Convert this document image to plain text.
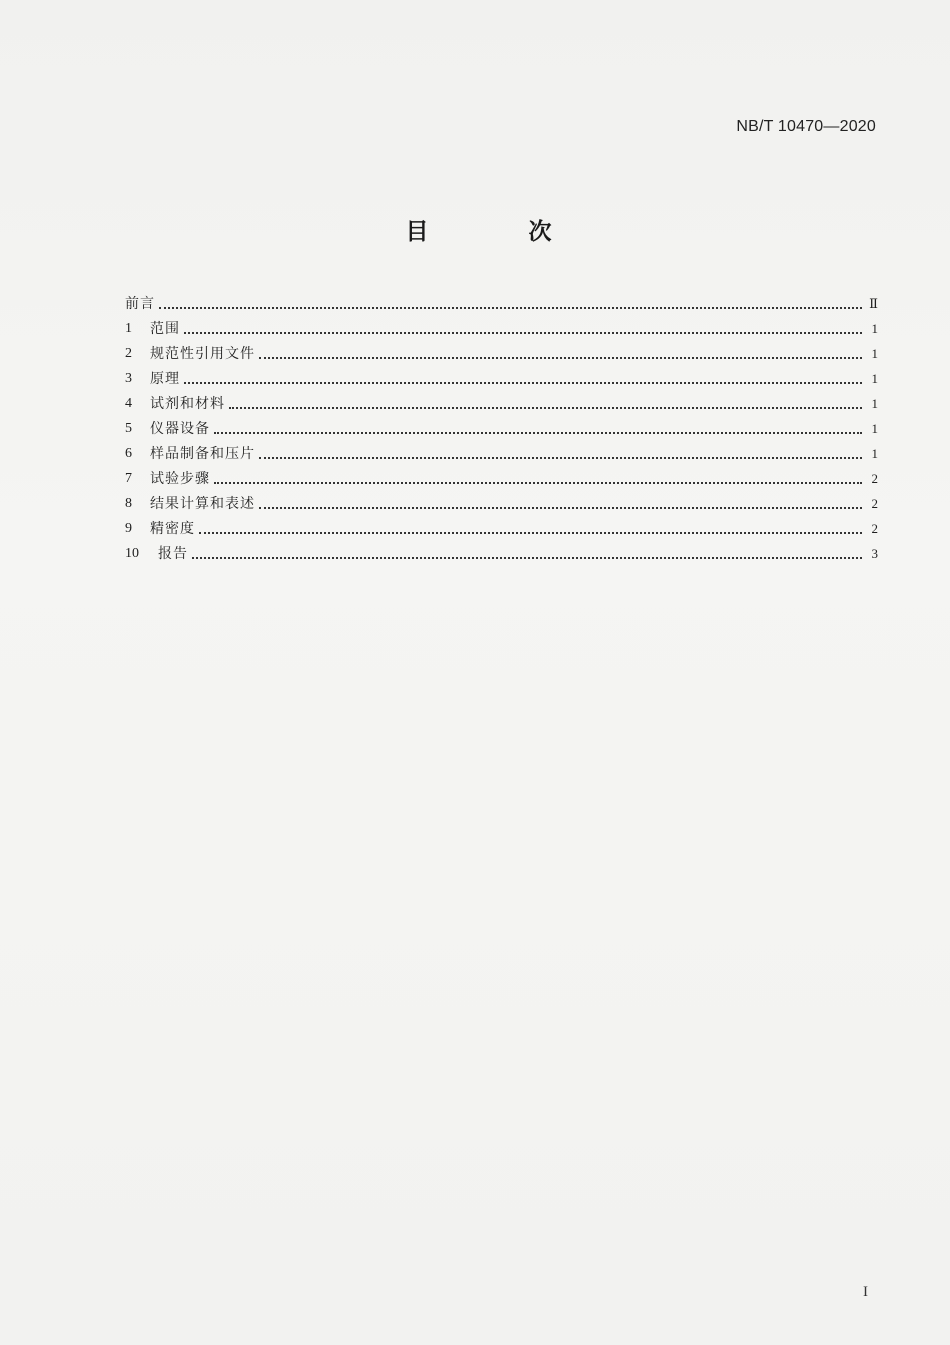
NB/T 10470—2020
目 次
前言	Ⅱ
1	范围	1
2	规范性引用文件	1
3	原理	1
4	试剂和材料	1
5	仪器设备	1
6	样品制备和压片	1
7	试验步骤	2
8	结果计算和表述	2
9	精密度	2
10	报告	3
I
